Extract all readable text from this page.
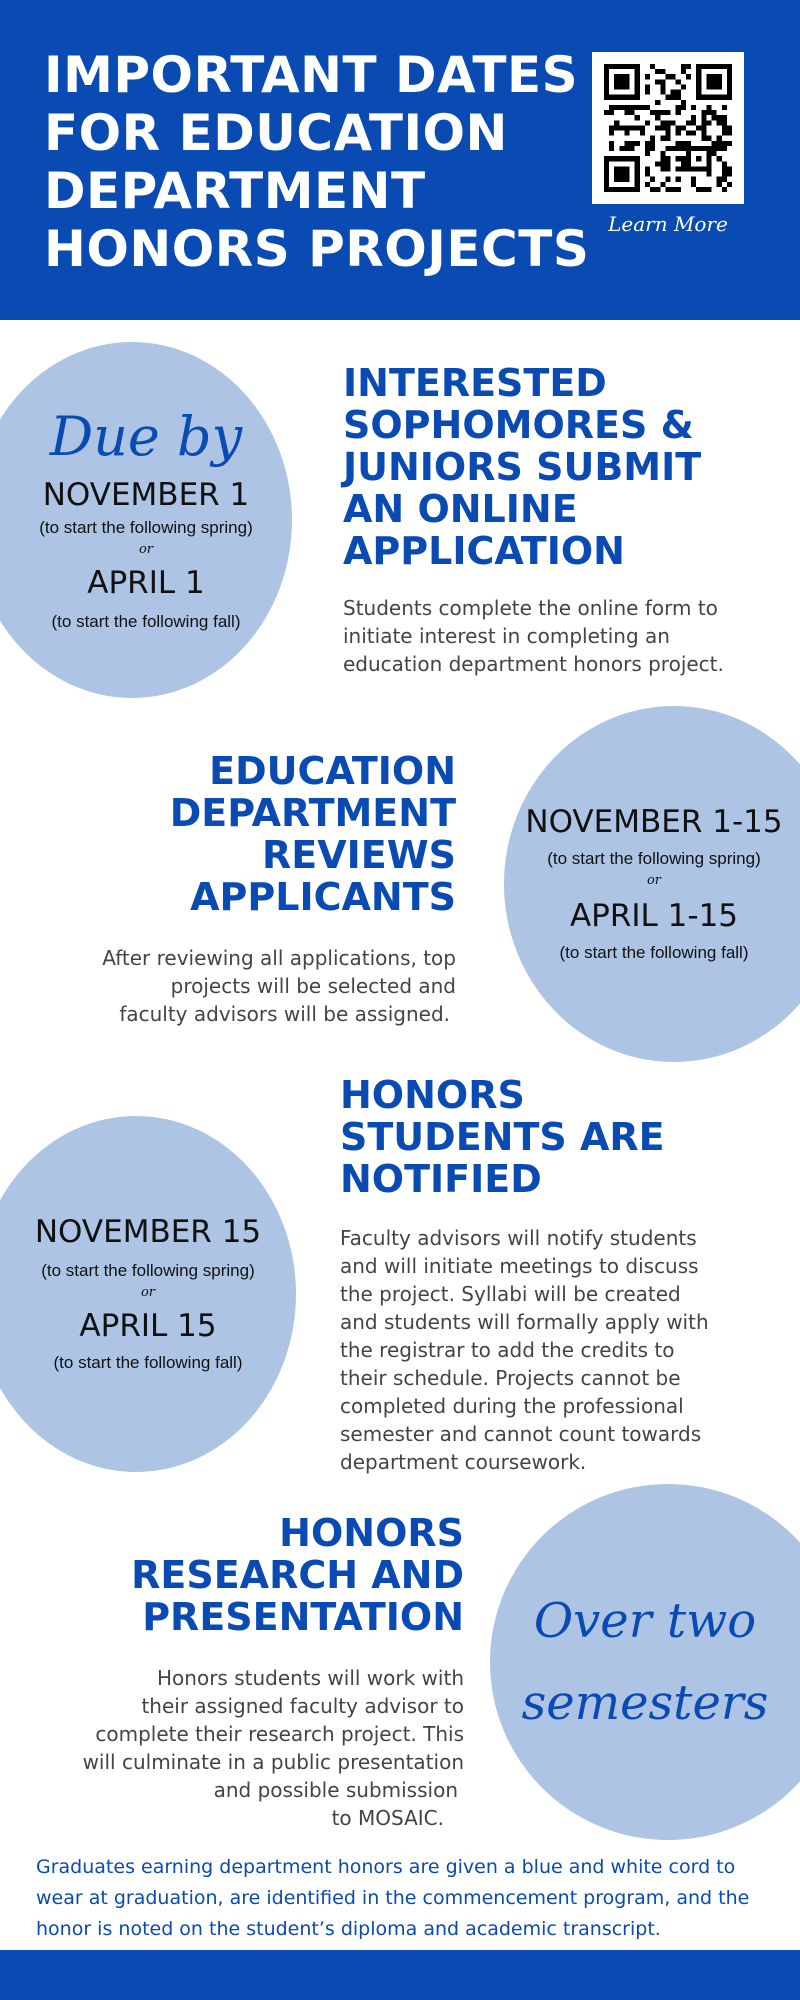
IMPORTANT DATES
FOR EDUCATION
DEPARTMENT
HONORS PROJECTS Learn More
Due by
NOVEMBER 1
(to start the following spring)
or
APRIL 1
(to start the following fall)
INTERESTED
SOPHOMORES &
JUNIORS SUBMIT
AN ONLINE
APPLICATION
Students complete the online form to
initiate interest in completing an
education department honors project.
EDUCATION
DEPARTMENT
REVIEWS
APPLICANTS
After reviewing all applications, top
projects will be selected and
faculty advisors will be assigned.
NOVEMBER 1-15
(to start the following spring)
or
APRIL 1-15
(to start the following fall)
NOVEMBER 15
(to start the following spring)
or
APRIL 15
(to start the following fall)
HONORS
STUDENTS ARE
NOTIFIED
Faculty advisors will notify students
and will initiate meetings to discuss
the project. Syllabi will be created
and students will formally apply with
the registrar to add the credits to
their schedule. Projects cannot be
completed during the professional
semester and cannot count towards
department coursework.
HONORS
RESEARCH AND
PRESENTATION
Honors students will work with
their assigned faculty advisor to
complete their research project. This
will culminate in a public presentation
and possible submission
to MOSAIC.
Over two
semesters
Graduates earning department honors are given a blue and white cord to
wear at graduation, are identified in the commencement program, and the
honor is noted on the student’s diploma and academic transcript.
